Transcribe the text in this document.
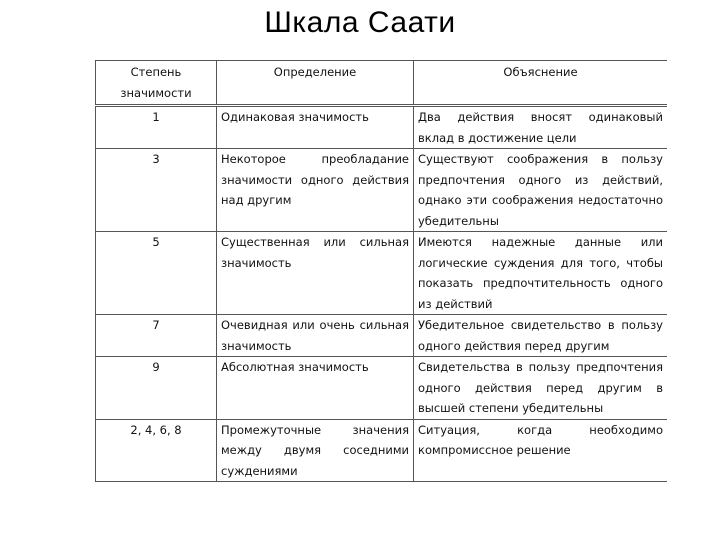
Шкала Саати
Степень значимости	Определение	Объяснение
1	Одинаковая значимость	Два действия вносят одинаковый вклад в достижение цели
3	Некоторое преобладание значимости одного действия над другим	Существуют соображения в пользу предпочтения одного из действий, однако эти соображения недостаточно убедительны
5	Существенная или сильная значимость	Имеются надежные данные или логические суждения для того, чтобы показать предпочтительность одного из действий
7	Очевидная или очень сильная значимость	Убедительное свидетельство в пользу одного действия перед другим
9	Абсолютная значимость	Свидетельства в пользу предпочтения одного действия перед другим в высшей степени убедительны
2, 4, 6, 8	Промежуточные значения между двумя соседними суждениями	Ситуация, когда необходимо компромиссное решение
